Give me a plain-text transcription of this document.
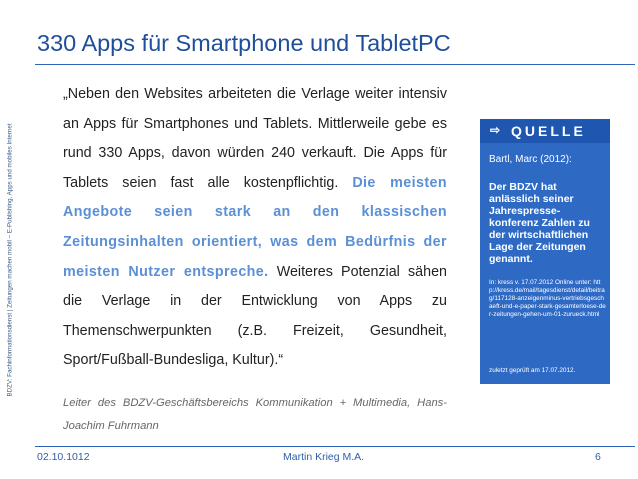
BDZV: Fachinformationsdienst | Zeitungen machen mobil – E-Publishing, Apps und mobiles Internet
330 Apps für Smartphone und TabletPC
„Neben den Websites arbeiteten die Verlage weiter intensiv an Apps für Smartphones und Tablets. Mittlerweile gebe es rund 330 Apps, davon würden 240 verkauft. Die Apps für Tablets seien fast alle kostenpflichtig. Die meisten Angebote seien stark an den klassischen Zeitungsinhalten orientiert, was dem Bedürfnis der meisten Nutzer entspreche. Weiteres Potenzial sähen die Verlage in der Entwicklung von Apps zu Themenschwerpunkten (z.B. Freizeit, Gesundheit, Sport/Fußball-Bundesliga, Kultur).“
Leiter des BDZV-Geschäftsbereichs Kommunikation + Multimedia, Hans-Joachim Fuhrmann
⇨ QUELLE
Bartl, Marc (2012):
Der BDZV hat anlässlich seiner Jahrespresse-konferenz Zahlen zu der wirtschaftlichen Lage der Zeitungen genannt.
In: kress v. 17.07.2012 Online unter: http://kress.de/mail/tagesdienst/detail/beitrag/117128-anzeigenminus-vertriebsgeschaeft-und-e-paper-stark-gesamterloese-der-zeitungen-gehen-um-01-zurueck.html
zuletzt geprüft am 17.07.2012.
02.10.1012	Martin Krieg M.A.	6
